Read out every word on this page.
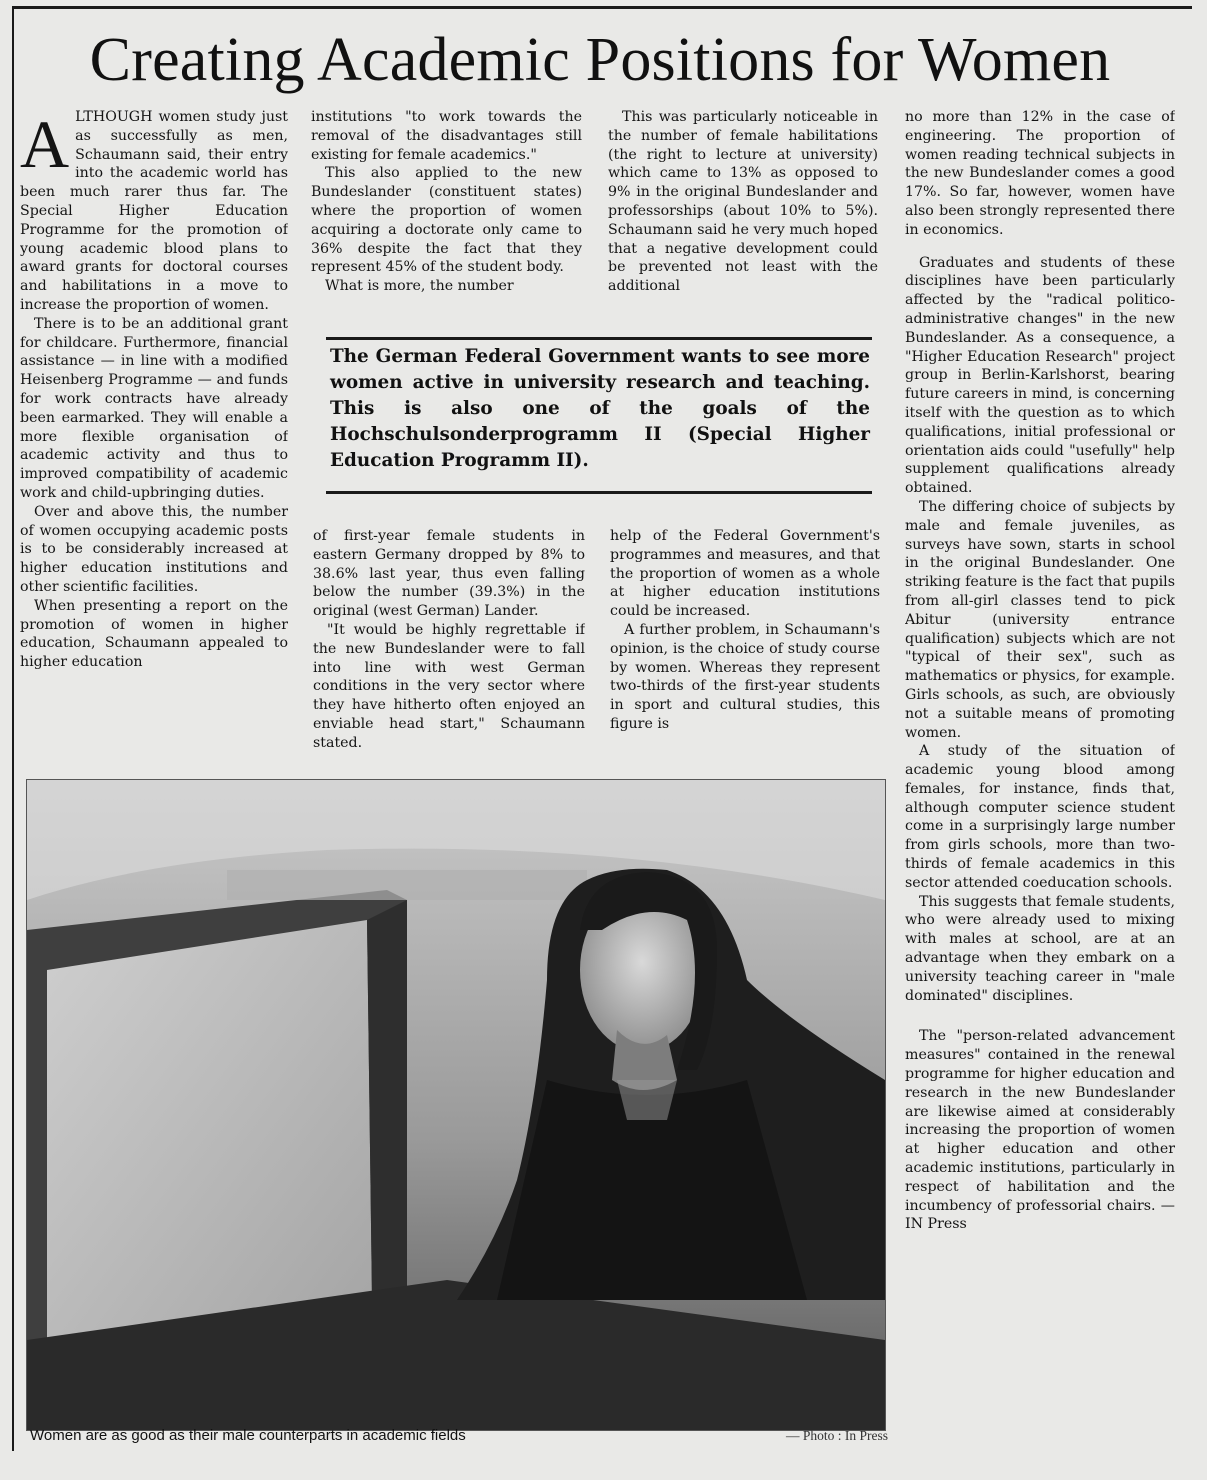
Creating Academic Positions for Women

ALTHOUGH women study just as successfully as men, Schaumann said, their entry into the academic world has been much rarer thus far. The Special Higher Education Programme for the promotion of young academic blood plans to award grants for doctoral courses and habilitations in a move to increase the proportion of women.

There is to be an additional grant for childcare. Furthermore, financial assistance — in line with a modified Heisenberg Programme — and funds for work contracts have already been earmarked. They will enable a more flexible organisation of academic activity and thus to improved compatibility of academic work and child-upbringing duties.

Over and above this, the number of women occupying academic posts is to be considerably increased at higher education institutions and other scientific facilities.

When presenting a report on the promotion of women in higher education, Schaumann appealed to higher education

institutions "to work towards the removal of the disadvantages still existing for female academics."

This also applied to the new Bundeslander (constituent states) where the proportion of women acquiring a doctorate only came to 36% despite the fact that they represent 45% of the student body.

What is more, the number

This was particularly noticeable in the number of female habilitations (the right to lecture at university) which came to 13% as opposed to 9% in the original Bundeslander and professorships (about 10% to 5%). Schaumann said he very much hoped that a negative development could be prevented not least with the additional

The German Federal Government wants to see more women active in university research and teaching. This is also one of the goals of the Hochschulsonderprogramm II (Special Higher Education Programm II).

of first-year female students in eastern Germany dropped by 8% to 38.6% last year, thus even falling below the number (39.3%) in the original (west German) Lander.

"It would be highly regrettable if the new Bundeslander were to fall into line with west German conditions in the very sector where they have hitherto often enjoyed an enviable head start," Schaumann stated.

help of the Federal Government's programmes and measures, and that the proportion of women as a whole at higher education institutions could be increased.

A further problem, in Schaumann's opinion, is the choice of study course by women. Whereas they represent two-thirds of the first-year students in sport and cultural studies, this figure is

no more than 12% in the case of engineering. The proportion of women reading technical subjects in the new Bundeslander comes a good 17%. So far, however, women have also been strongly represented there in economics.

Graduates and students of these disciplines have been particularly affected by the "radical politico-administrative changes" in the new Bundeslander. As a consequence, a "Higher Education Research" project group in Berlin-Karlshorst, bearing future careers in mind, is concerning itself with the question as to which qualifications, initial professional or orientation aids could "usefully" help supplement qualifications already obtained.

The differing choice of subjects by male and female juveniles, as surveys have sown, starts in school in the original Bundeslander. One striking feature is the fact that pupils from all-girl classes tend to pick Abitur (university entrance qualification) subjects which are not "typical of their sex", such as mathematics or physics, for example. Girls schools, as such, are obviously not a suitable means of promoting women.

A study of the situation of academic young blood among females, for instance, finds that, although computer science student come in a surprisingly large number from girls schools, more than two-thirds of female academics in this sector attended coeducation schools.

This suggests that female students, who were already used to mixing with males at school, are at an advantage when they embark on a university teaching career in "male dominated" disciplines.

The "person-related advancement measures" contained in the renewal programme for higher education and research in the new Bundeslander are likewise aimed at considerably increasing the proportion of women at higher education and other academic institutions, particularly in respect of habilitation and the incumbency of professorial chairs. — IN Press

Women are as good as their male counterparts in academic fields	— Photo : In Press
